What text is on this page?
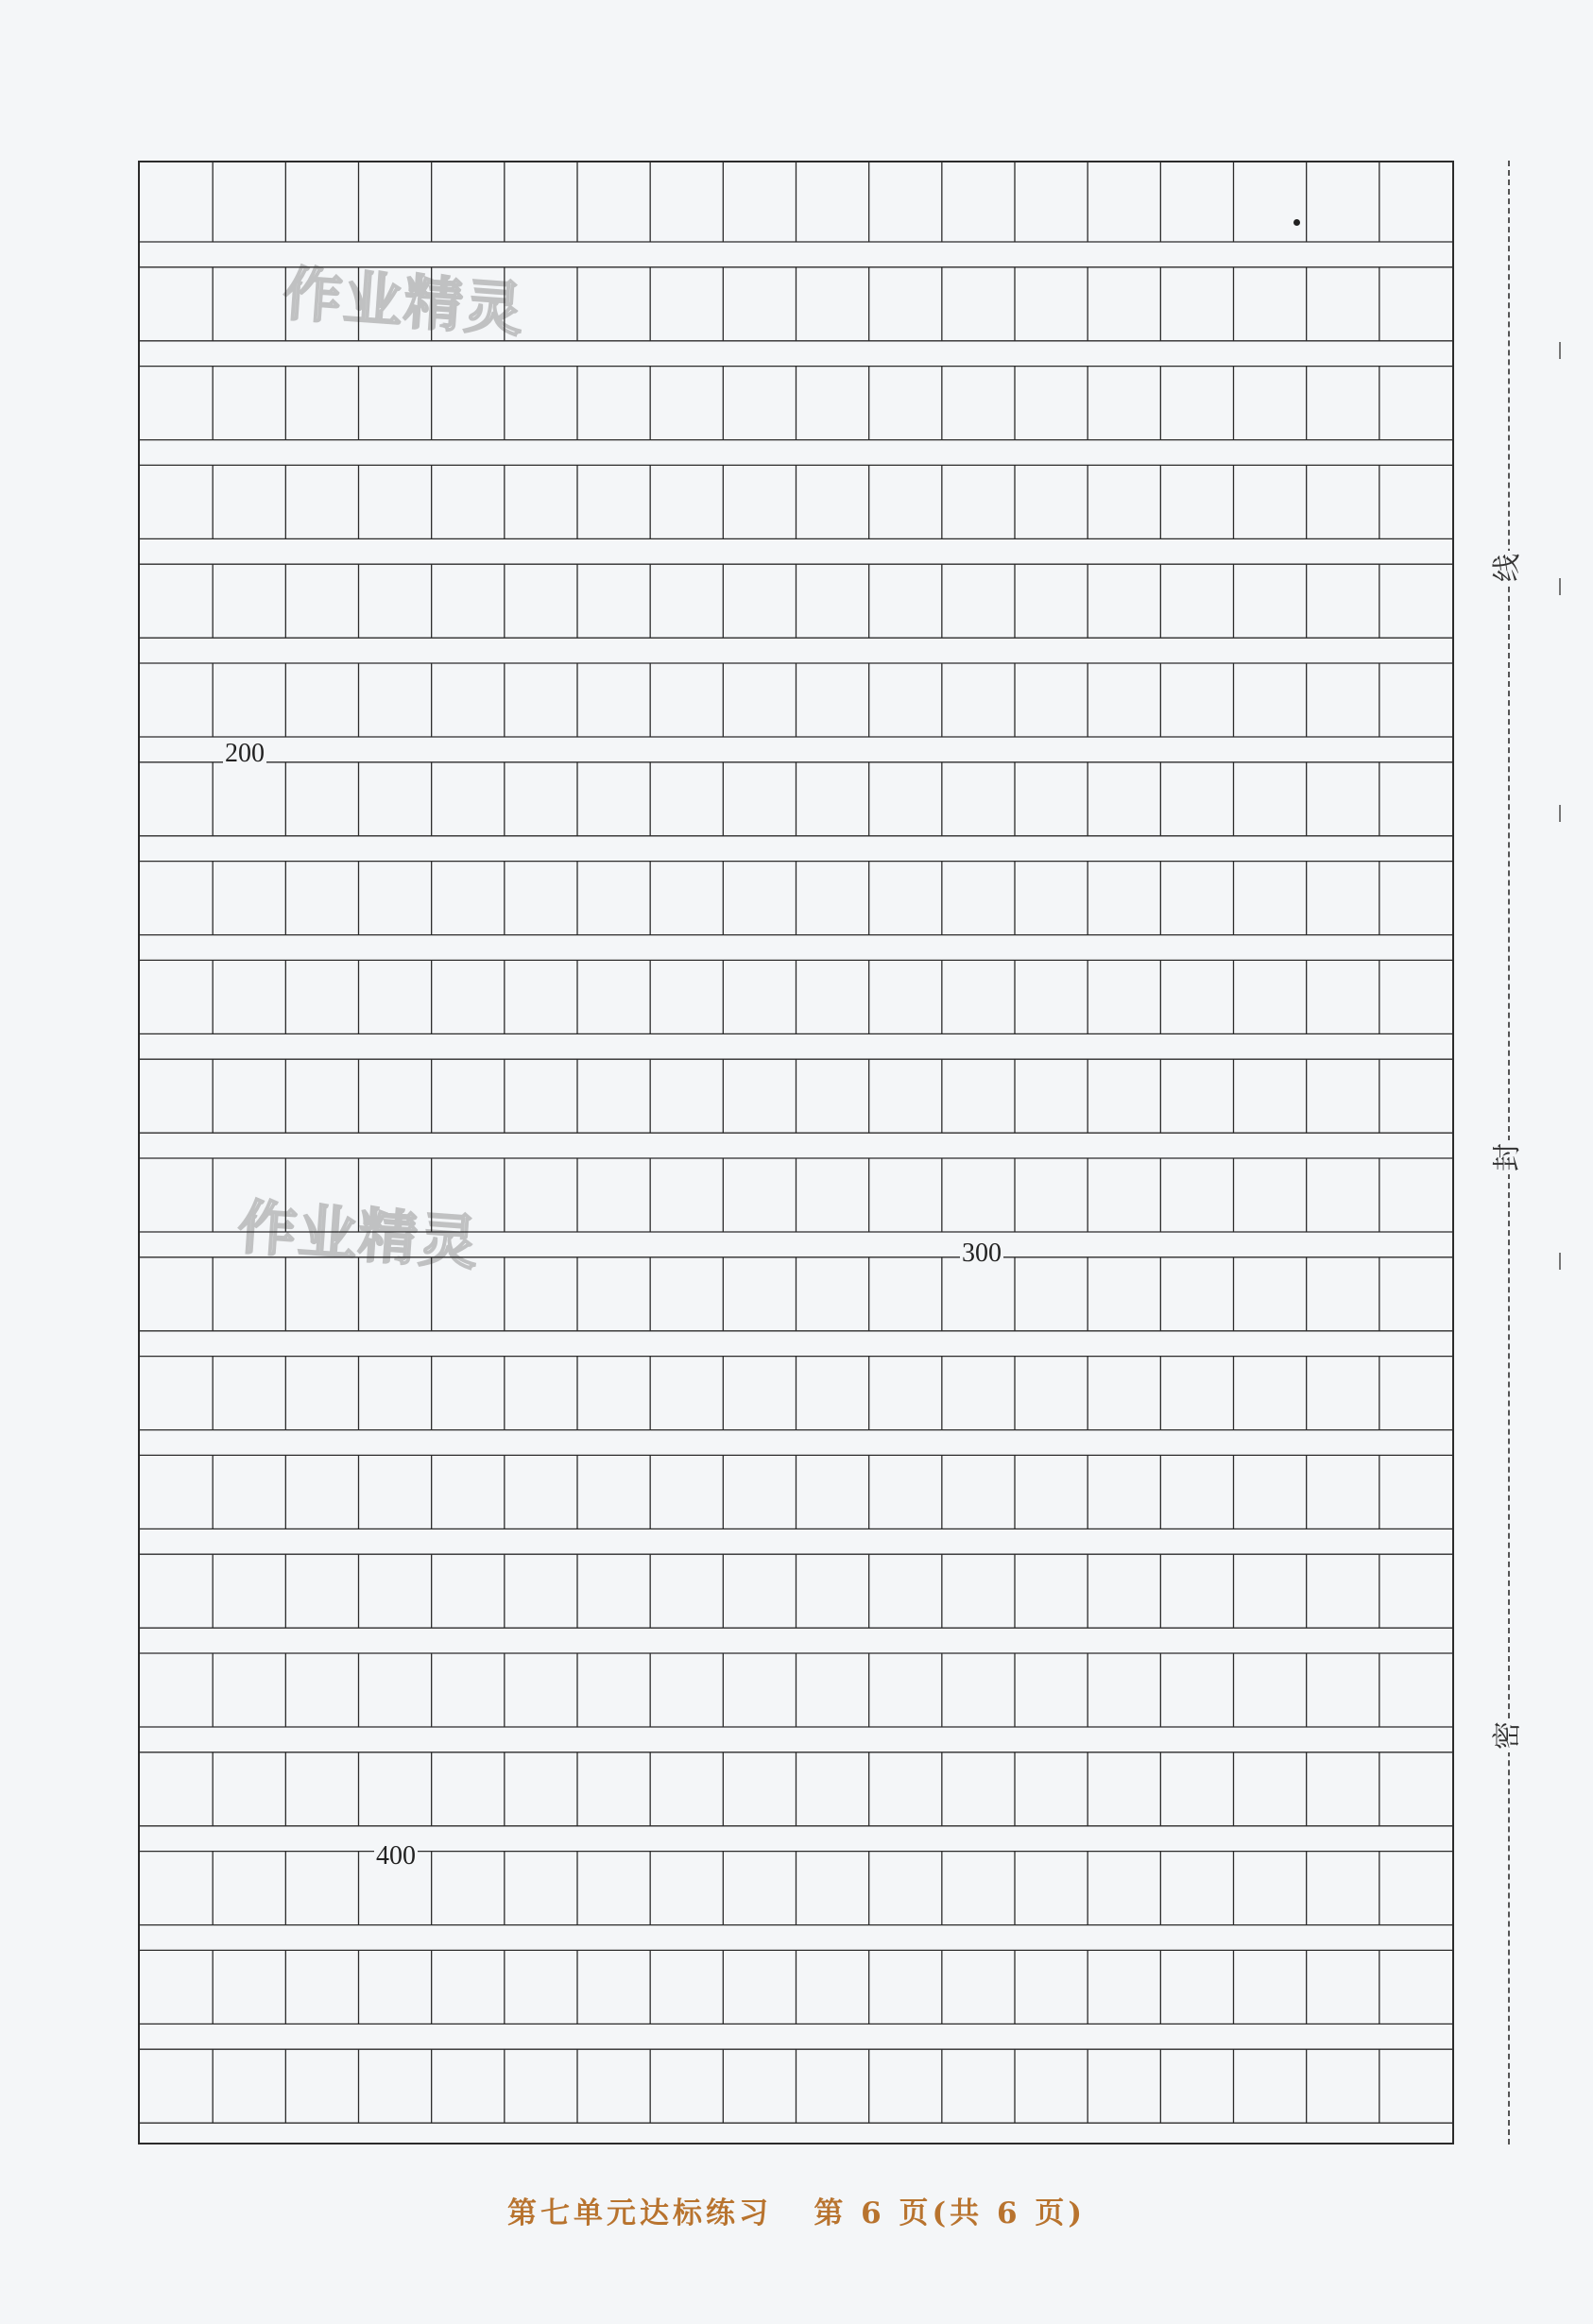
作业精灵
作业精灵
200
300
400
线
封
密
第七单元达标练习 第 6 页(共 6 页)
